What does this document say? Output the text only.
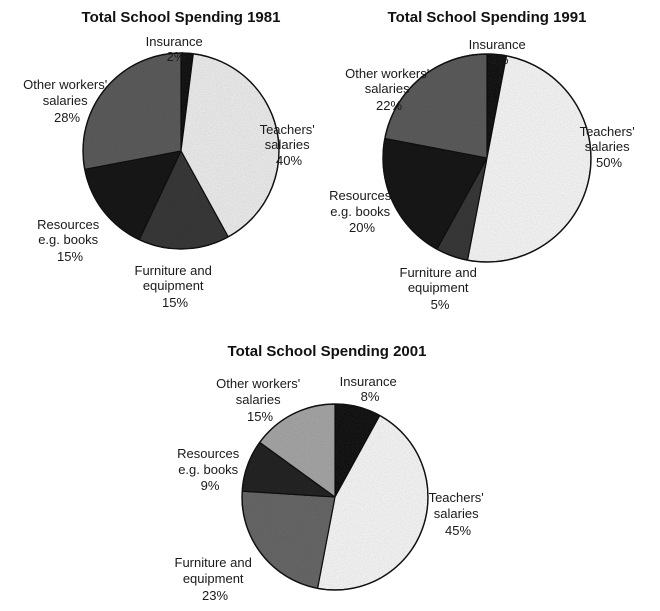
Total School Spending 1981
Insurance 2%
Teachers' salaries 40%
Furniture and equipment 15%
Resources e.g. books 15%
Other workers' salaries 28%
Total School Spending 1991
Insurance 3%
Teachers' salaries 50%
Furniture and equipment 5%
Resources e.g. books 20%
Other workers' salaries 22%
Total School Spending 2001
Insurance 8%
Teachers' salaries 45%
Furniture and equipment 23%
Resources e.g. books 9%
Other workers' salaries 15%
